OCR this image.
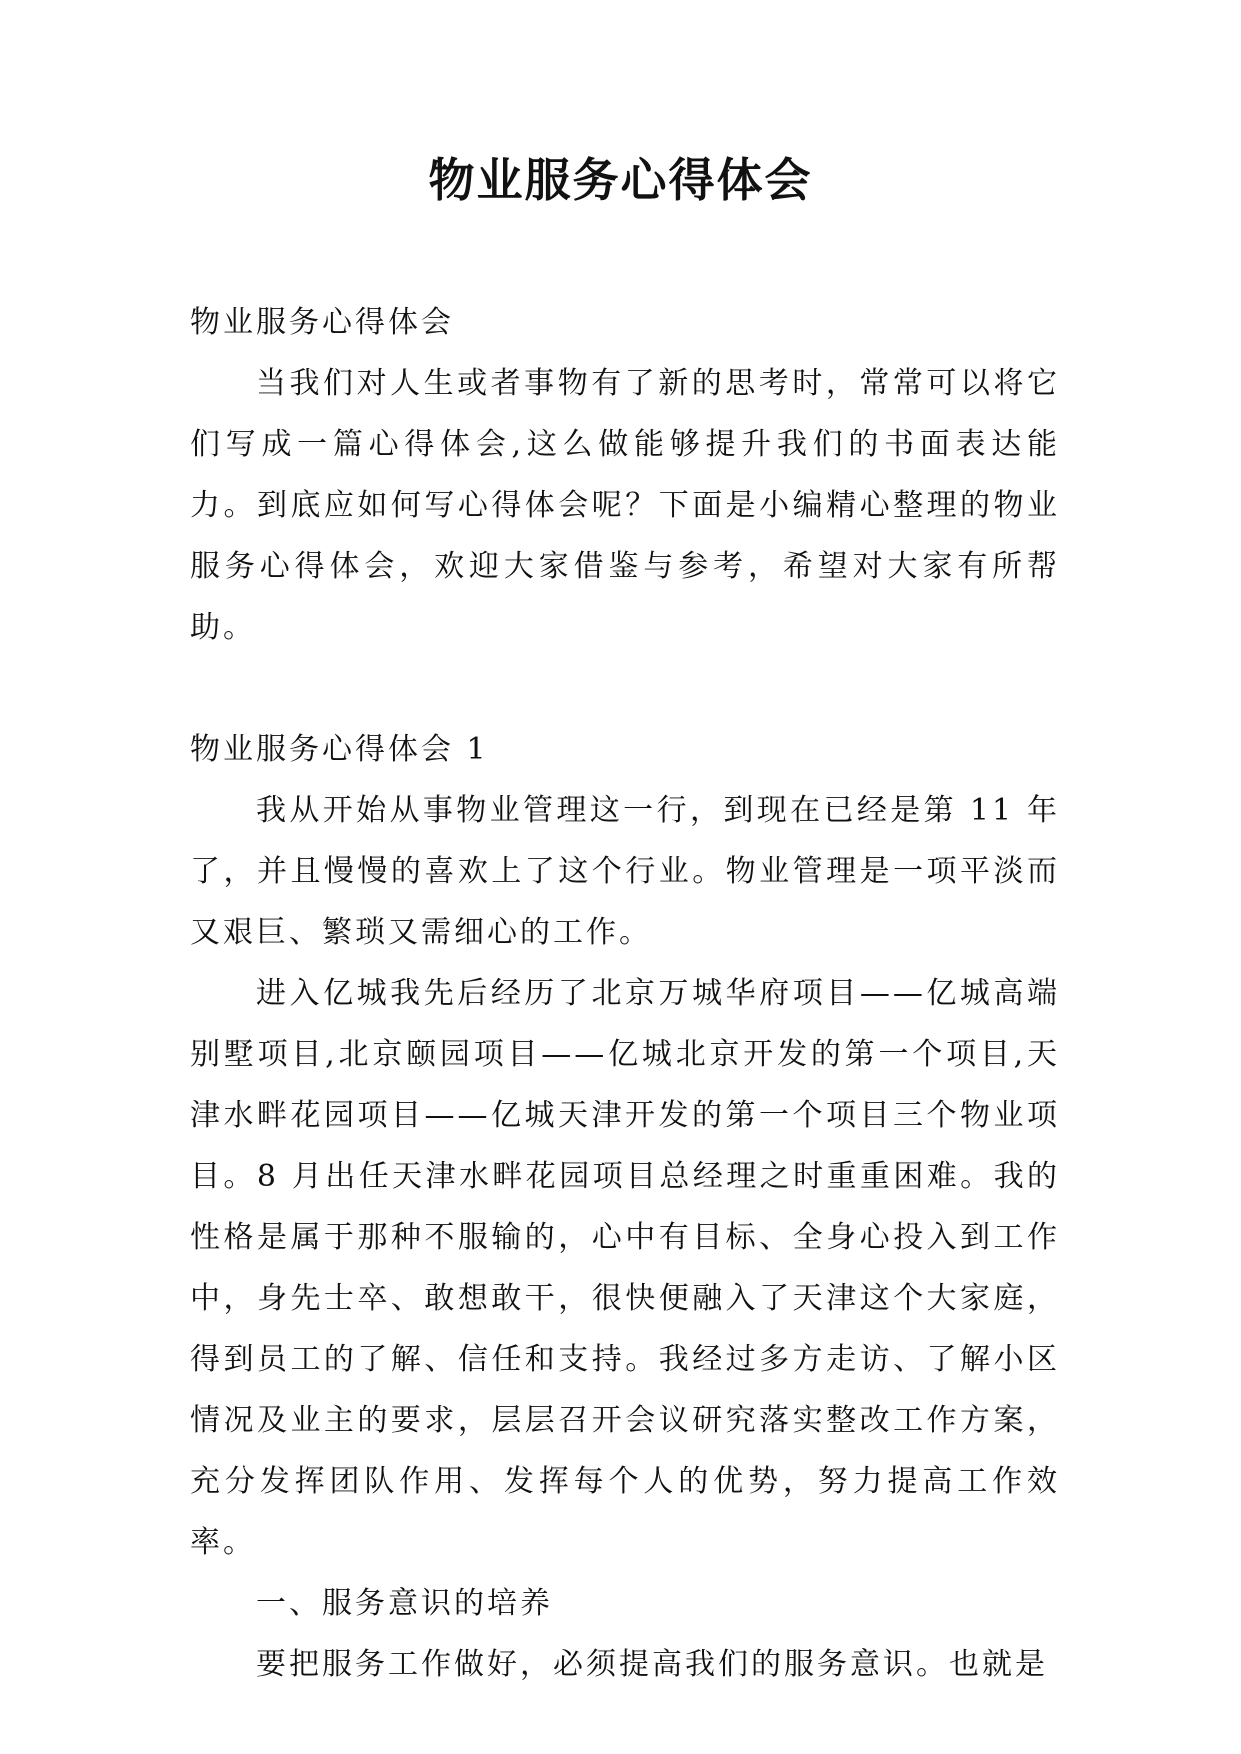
物业服务心得体会

物业服务心得体会

当我们对人生或者事物有了新的思考时，常常可以将它们写成一篇心得体会,这么做能够提升我们的书面表达能力。到底应如何写心得体会呢？下面是小编精心整理的物业服务心得体会，欢迎大家借鉴与参考，希望对大家有所帮助。

物业服务心得体会 1

我从开始从事物业管理这一行，到现在已经是第 11 年了，并且慢慢的喜欢上了这个行业。物业管理是一项平淡而又艰巨、繁琐又需细心的工作。

进入亿城我先后经历了北京万城华府项目——亿城高端别墅项目,北京颐园项目——亿城北京开发的第一个项目,天津水畔花园项目——亿城天津开发的第一个项目三个物业项目。8 月出任天津水畔花园项目总经理之时重重困难。我的性格是属于那种不服输的，心中有目标、全身心投入到工作中，身先士卒、敢想敢干，很快便融入了天津这个大家庭，得到员工的了解、信任和支持。我经过多方走访、了解小区情况及业主的要求，层层召开会议研究落实整改工作方案，充分发挥团队作用、发挥每个人的优势，努力提高工作效率。

一、服务意识的培养

要把服务工作做好，必须提高我们的服务意识。也就是
